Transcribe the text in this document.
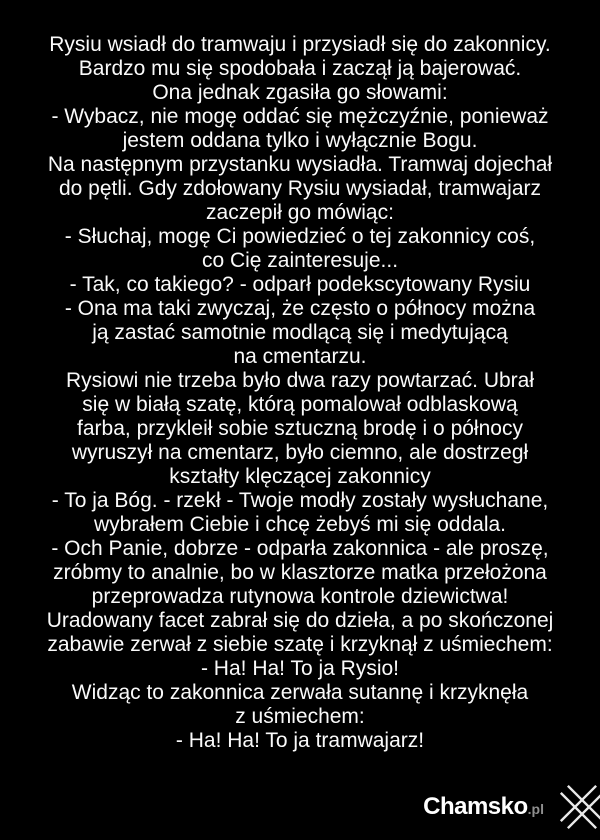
Rysiu wsiadł do tramwaju i przysiadł się do zakonnicy.
Bardzo mu się spodobała i zaczął ją bajerować.
Ona jednak zgasiła go słowami:
- Wybacz, nie mogę oddać się mężczyźnie, ponieważ
jestem oddana tylko i wyłącznie Bogu.
Na następnym przystanku wysiadła. Tramwaj dojechał
do pętli. Gdy zdołowany Rysiu wysiadał, tramwajarz
zaczepił go mówiąc:
- Słuchaj, mogę Ci powiedzieć o tej zakonnicy coś,
co Cię zainteresuje...
- Tak, co takiego? - odparł podekscytowany Rysiu
- Ona ma taki zwyczaj, że często o północy można
ją zastać samotnie modlącą się i medytującą
na cmentarzu.
Rysiowi nie trzeba było dwa razy powtarzać. Ubrał
się w białą szatę, którą pomalował odblaskową
farba, przykleił sobie sztuczną brodę i o północy
wyruszył na cmentarz, było ciemno, ale dostrzegł
kształty klęczącej zakonnicy
- To ja Bóg. - rzekł - Twoje modły zostały wysłuchane,
wybrałem Ciebie i chcę żebyś mi się oddala.
- Och Panie, dobrze - odparła zakonnica - ale proszę,
zróbmy to analnie, bo w klasztorze matka przełożona
przeprowadza rutynowa kontrole dziewictwa!
Uradowany facet zabrał się do dzieła, a po skończonej
zabawie zerwał z siebie szatę i krzyknął z uśmiechem:
- Ha! Ha! To ja Rysio!
Widząc to zakonnica zerwała sutannę i krzyknęła
z uśmiechem:
- Ha! Ha! To ja tramwajarz!
Chamsko.pl
